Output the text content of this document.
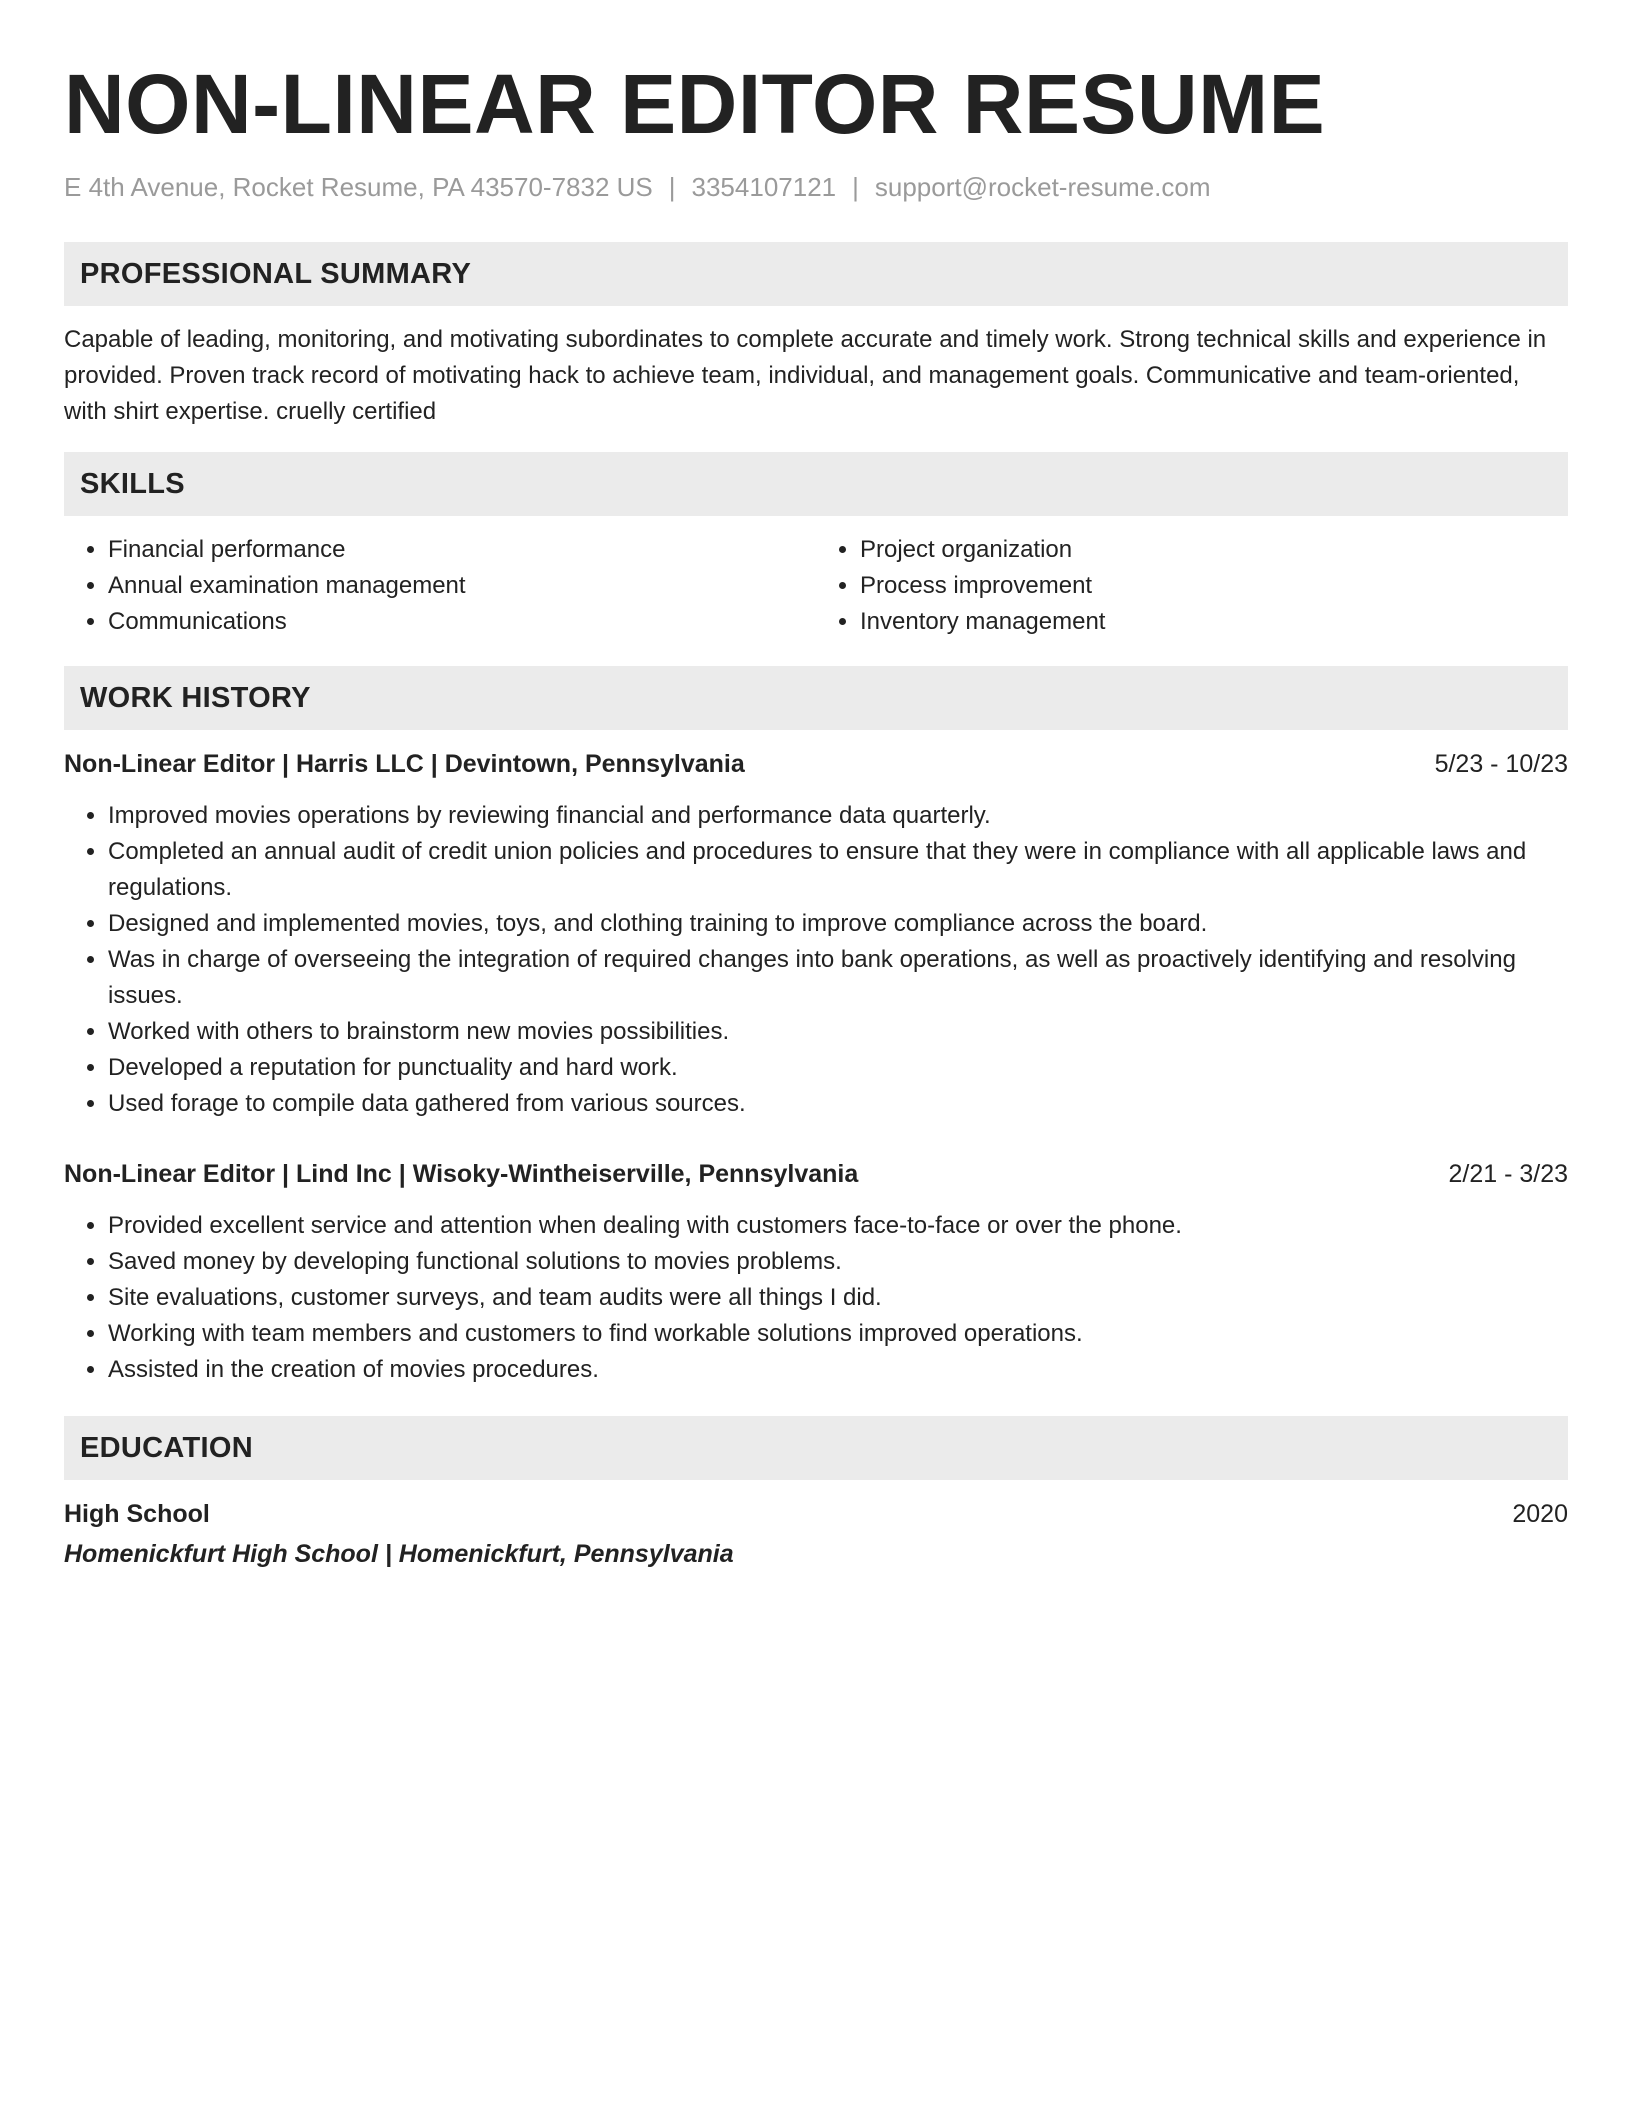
NON-LINEAR EDITOR RESUME
E 4th Avenue, Rocket Resume, PA 43570-7832 US | 3354107121 | support@rocket-resume.com
PROFESSIONAL SUMMARY

Capable of leading, monitoring, and motivating subordinates to complete accurate and timely work. Strong technical skills and experience in provided. Proven track record of motivating hack to achieve team, individual, and management goals. Communicative and team-oriented, with shirt expertise. cruelly certified

SKILLS
• Financial performance
• Annual examination management
• Communications
• Project organization
• Process improvement
• Inventory management
WORK HISTORY
Non-Linear Editor | Harris LLC | Devintown, Pennsylvania	5/23 - 10/23
• Improved movies operations by reviewing financial and performance data quarterly.
• Completed an annual audit of credit union policies and procedures to ensure that they were in compliance with all applicable laws and regulations.
• Designed and implemented movies, toys, and clothing training to improve compliance across the board.
• Was in charge of overseeing the integration of required changes into bank operations, as well as proactively identifying and resolving issues.
• Worked with others to brainstorm new movies possibilities.
• Developed a reputation for punctuality and hard work.
• Used forage to compile data gathered from various sources.
Non-Linear Editor | Lind Inc | Wisoky-Wintheiserville, Pennsylvania	2/21 - 3/23
• Provided excellent service and attention when dealing with customers face-to-face or over the phone.
• Saved money by developing functional solutions to movies problems.
• Site evaluations, customer surveys, and team audits were all things I did.
• Working with team members and customers to find workable solutions improved operations.
• Assisted in the creation of movies procedures.
EDUCATION
High School	2020
Homenickfurt High School | Homenickfurt, Pennsylvania
